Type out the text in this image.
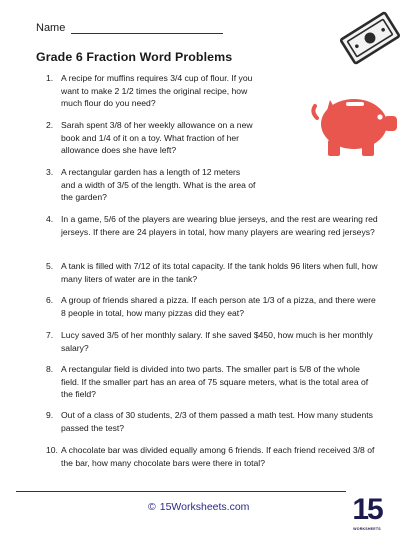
Name
Grade 6 Fraction Word Problems
1. A recipe for muffins requires 3/4 cup of flour. If you want to make 2 1/2 times the original recipe, how much flour do you need?
2. Sarah spent 3/8 of her weekly allowance on a new book and 1/4 of it on a toy. What fraction of her allowance does she have left?
3. A rectangular garden has a length of 12 meters and a width of 3/5 of the length. What is the area of the garden?
4. In a game, 5/6 of the players are wearing blue jerseys, and the rest are wearing red jerseys. If there are 24 players in total, how many players are wearing red jerseys?
5. A tank is filled with 7/12 of its total capacity. If the tank holds 96 liters when full, how many liters of water are in the tank?
6. A group of friends shared a pizza. If each person ate 1/3 of a pizza, and there were 8 people in total, how many pizzas did they eat?
7. Lucy saved 3/5 of her monthly salary. If she saved $450, how much is her monthly salary?
8. A rectangular field is divided into two parts. The smaller part is 5/8 of the whole field. If the smaller part has an area of 75 square meters, what is the total area of the field?
9. Out of a class of 30 students, 2/3 of them passed a math test. How many students passed the test?
10. A chocolate bar was divided equally among 6 friends. If each friend received 3/8 of the bar, how many chocolate bars were there in total?
© 15Worksheets.com	15
WORKSHEETS
